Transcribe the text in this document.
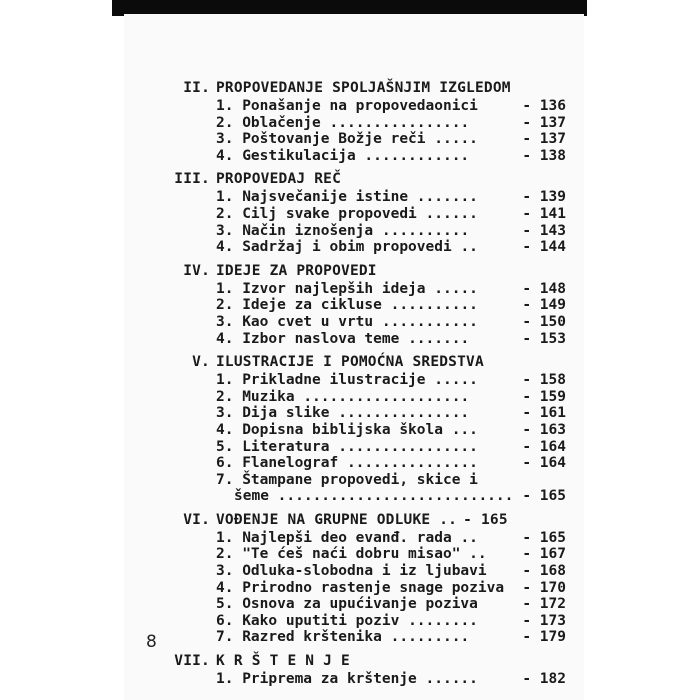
II. PROPOVEDANJE SPOLJAŠNJIM IZGLEDOM
1. Ponašanje na propovedaonici - 136
2. Oblačenje ................	- 137
3. Poštovanje Božje reči .....	- 137
4. Gestikulacija ............	- 138
III. PROPOVEDAJ REČ
1. Najsvečanije istine .......	- 139
2. Cilj svake propovedi ......	- 141
3. Način iznošenja ..........	- 143
4. Sadržaj i obim propovedi ..	- 144
IV. IDEJE ZA PROPOVEDI
1. Izvor najlepših ideja .....	- 148
2. Ideje za cikluse ..........	- 149
3. Kao cvet u vrtu ...........	- 150
4. Izbor naslova teme .......	- 153
V. ILUSTRACIJE I POMOĆNA SREDSTVA
1. Prikladne ilustracije .....	- 158
2. Muzika ...................	- 159
3. Dija slike ...............	- 161
4. Dopisna biblijska škola ...	- 163
5. Literatura ................	- 164
6. Flanelograf ...............	- 164
7. Štampane propovedi, skice i
šeme ........................... - 165
VI. VOĐENJE NA GRUPNE ODLUKE .. - 165
1. Najlepši deo evanđ. rada ..	- 165
2. "Te ćeš naći dobru misao" ..	- 167
3. Odluka-slobodna i iz ljubavi - 168
4. Prirodno rastenje snage poziva - 170
5. Osnova za upućivanje poziva - 172
6. Kako uputiti poziv ........	- 173
7. Razred krštenika .........	- 179
VII. K R Š T E N J E
1. Priprema za krštenje ......	- 182
8
